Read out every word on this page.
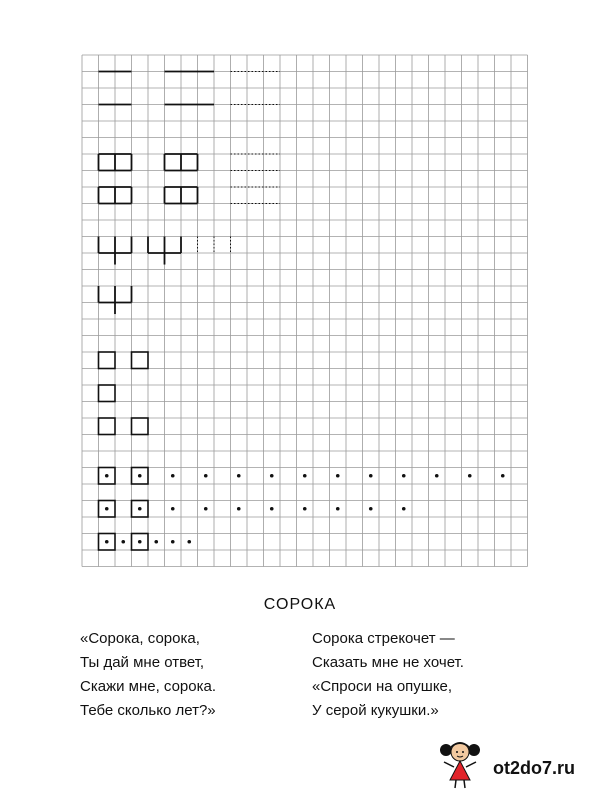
СОРОКА
«Сорока, сорока,
Ты дай мне ответ,
Скажи мне, сорока.
Тебе сколько лет?»
Сорока стрекочет —
Сказать мне не хочет.
«Спроси на опушке,
У серой кукушки.»
ot2do7.ru
